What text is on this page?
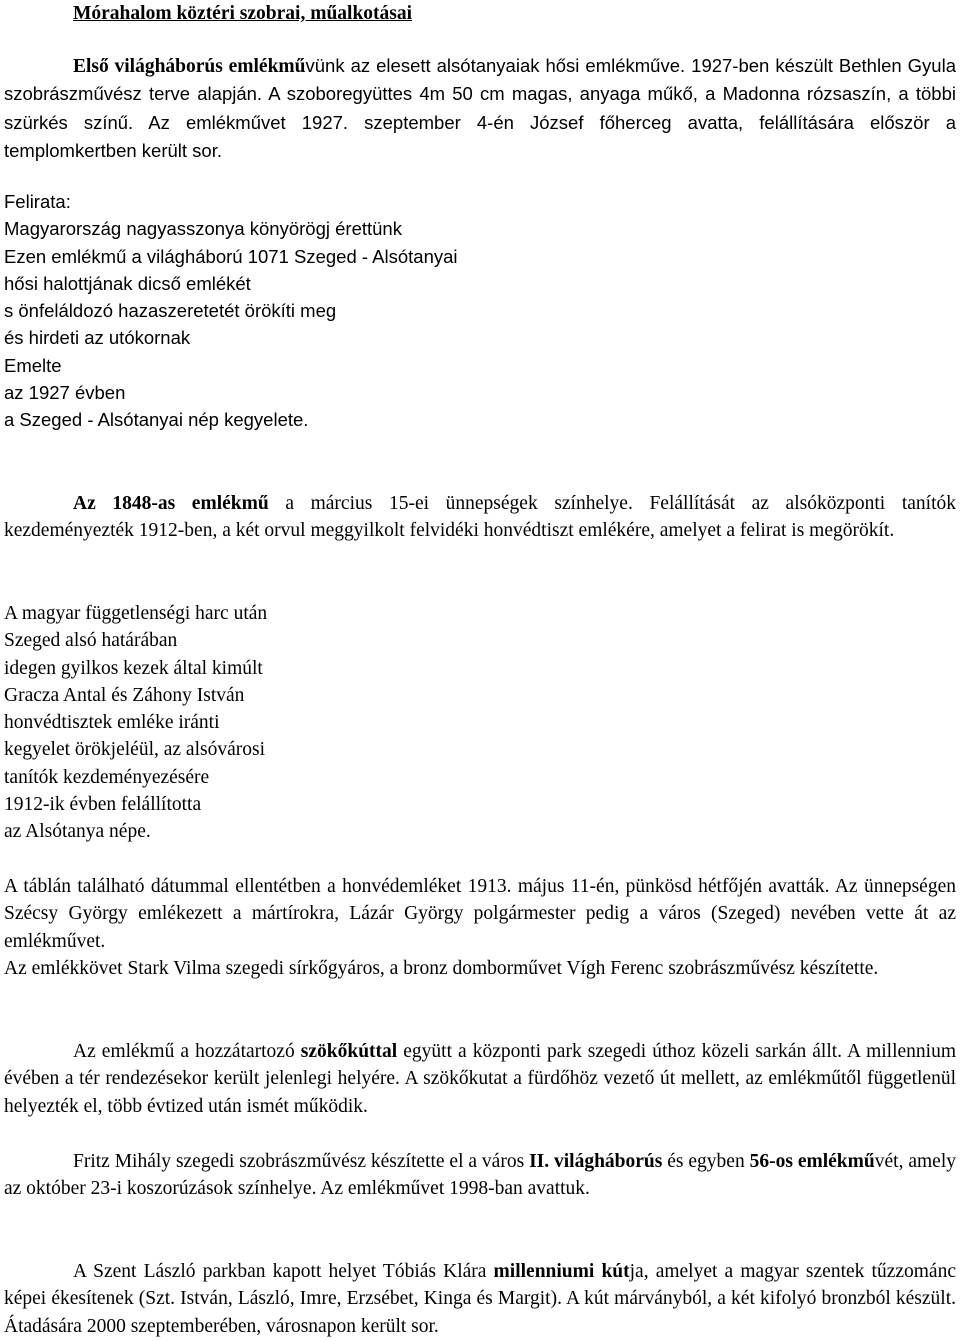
Mórahalom köztéri szobrai, műalkotásai

Első világháborús emlékművünk az elesett alsótanyaiak hősi emlékműve. 1927-ben készült Bethlen Gyula szobrászművész terve alapján. A szoboregyüttes 4m 50 cm magas, anyaga műkő, a Madonna rózsaszín, a többi szürkés színű. Az emlékművet 1927. szeptember 4-én József főherceg avatta, felállítására először a templomkertben került sor.

Felirata:
Magyarország nagyasszonya könyörögj érettünk
Ezen emlékmű a világháború 1071 Szeged - Alsótanyai
hősi halottjának dicső emlékét
s önfeláldozó hazaszeretetét örökíti meg
és hirdeti az utókornak
Emelte
az 1927 évben
a Szeged - Alsótanyai nép kegyelete.

Az 1848-as emlékmű a március 15-ei ünnepségek színhelye. Felállítását az alsóközponti tanítók kezdeményezték 1912-ben, a két orvul meggyilkolt felvidéki honvédtiszt emlékére, amelyet a felirat is megörökít.

A magyar függetlenségi harc után
Szeged alsó határában
idegen gyilkos kezek által kimúlt
Gracza Antal és Záhony István
honvédtisztek emléke iránti
kegyelet örökjeléül, az alsóvárosi
tanítók kezdeményezésére
1912-ik évben felállította
az Alsótanya népe.

A táblán található dátummal ellentétben a honvédemléket 1913. május 11-én, pünkösd hétfőjén avatták. Az ünnepségen Szécsy György emlékezett a mártírokra, Lázár György polgármester pedig a város (Szeged) nevében vette át az emlékművet.

Az emlékkövet Stark Vilma szegedi sírkőgyáros, a bronz domborművet Vígh Ferenc szobrászművész készítette.

Az emlékmű a hozzátartozó szökőkúttal együtt a központi park szegedi úthoz közeli sarkán állt. A millennium évében a tér rendezésekor került jelenlegi helyére. A szökőkutat a fürdőhöz vezető út mellett, az emlékműtől függetlenül helyezték el, több évtized után ismét működik.

Fritz Mihály szegedi szobrászművész készítette el a város II. világháborús és egyben 56-os emlékművét, amely az október 23-i koszorúzások színhelye. Az emlékművet 1998-ban avattuk.

A Szent László parkban kapott helyet Tóbiás Klára millenniumi kútja, amelyet a magyar szentek tűzzománc képei ékesítenek (Szt. István, László, Imre, Erzsébet, Kinga és Margit). A kút márványból, a két kifolyó bronzból készült. Átadására 2000 szeptemberében, városnapon került sor.
